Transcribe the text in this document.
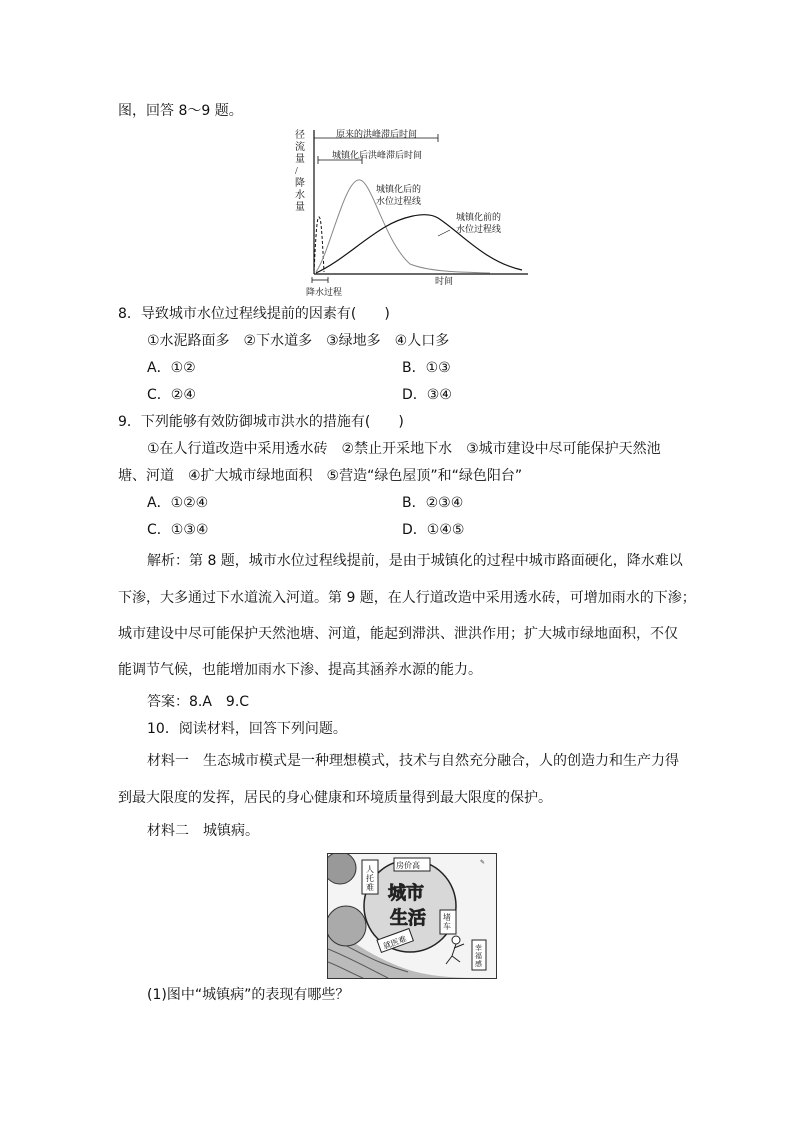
图，回答 8～9 题。
径流量/降水量
原来的洪峰滞后时间
城镇化后洪峰滞后时间
城镇化后的水位过程线
城镇化前的水位过程线
降水过程
时间
8．导致城市水位过程线提前的因素有(　　)
①水泥路面多　②下水道多　③绿地多　④人口多
A．①②	B．①③
C．②④	D．③④
9．下列能够有效防御城市洪水的措施有(　　)
①在人行道改造中采用透水砖　②禁止开采地下水　③城市建设中尽可能保护天然池
塘、河道　④扩大城市绿地面积　⑤营造“绿色屋顶”和“绿色阳台”
A．①②④	B．②③④
C．①③④	D．①④⑤
解析：第 8 题，城市水位过程线提前，是由于城镇化的过程中城市路面硬化，降水难以
下渗，大多通过下水道流入河道。第 9 题，在人行道改造中采用透水砖，可增加雨水的下渗；
城市建设中尽可能保护天然池塘、河道，能起到滞洪、泄洪作用；扩大城市绿地面积，不仅
能调节气候，也能增加雨水下渗、提高其涵养水源的能力。
答案：8.A　9.C
10．阅读材料，回答下列问题。
材料一　生态城市模式是一种理想模式，技术与自然充分融合，人的创造力和生产力得
到最大限度的发挥，居民的身心健康和环境质量得到最大限度的保护。
材料二　城镇病。
城市
生活
人托难
房价高
堵车
就医难	幸福感
✎
(1)图中“城镇病”的表现有哪些？
